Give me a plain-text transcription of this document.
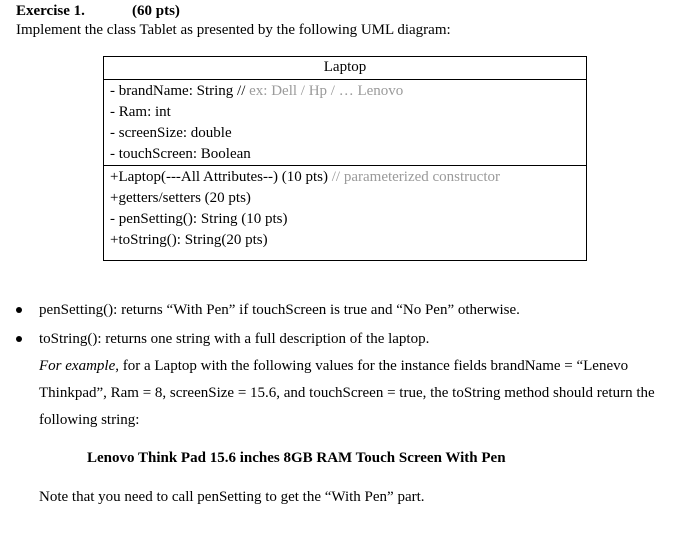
Exercise 1.	(60 pts)
Implement the class Tablet as presented by the following UML diagram:
Laptop
- brandName: String // ex: Dell / Hp / … Lenovo
- Ram: int
- screenSize: double
- touchScreen: Boolean
+Laptop(---All Attributes--) (10 pts) // parameterized constructor
+getters/setters (20 pts)
- penSetting(): String (10 pts)
+toString(): String(20 pts)
penSetting(): returns “With Pen” if touchScreen is true and “No Pen” otherwise.
toString(): returns one string with a full description of the laptop.
For example, for a Laptop with the following values for the instance fields brandName = “Lenevo
Thinkpad”, Ram = 8, screenSize = 15.6, and touchScreen = true, the toString method should return the
following string:
Lenovo Think Pad 15.6 inches 8GB RAM Touch Screen With Pen
Note that you need to call penSetting to get the “With Pen” part.
